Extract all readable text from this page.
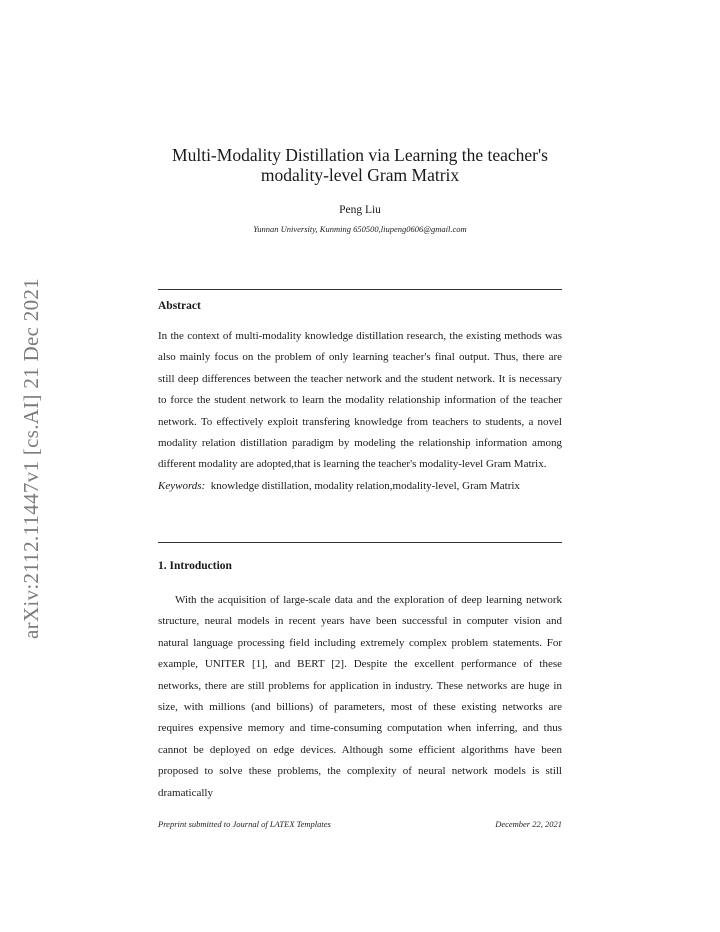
arXiv:2112.11447v1 [cs.AI] 21 Dec 2021
Multi-Modality Distillation via Learning the teacher's
modality-level Gram Matrix
Peng Liu
Yunnan University, Kunming 650500,liupeng0606@gmail.com
Abstract
In the context of multi-modality knowledge distillation research, the existing methods was also mainly focus on the problem of only learning teacher's final output. Thus, there are still deep differences between the teacher network and the student network. It is necessary to force the student network to learn the modality relationship information of the teacher network. To effectively exploit transfering knowledge from teachers to students, a novel modality relation distillation paradigm by modeling the relationship information among different modality are adopted,that is learning the teacher's modality-level Gram Matrix.
Keywords: knowledge distillation, modality relation,modality-level, Gram Matrix
1. Introduction
With the acquisition of large-scale data and the exploration of deep learning network structure, neural models in recent years have been successful in computer vision and natural language processing field including extremely complex problem statements. For example, UNITER [1], and BERT [2]. Despite the excellent performance of these networks, there are still problems for application in industry. These networks are huge in size, with millions (and billions) of parameters, most of these existing networks are requires expensive memory and time-consuming computation when inferring, and thus cannot be deployed on edge devices. Although some efficient algorithms have been proposed to solve these problems, the complexity of neural network models is still dramatically
Preprint submitted to Journal of LATEX Templates	December 22, 2021
